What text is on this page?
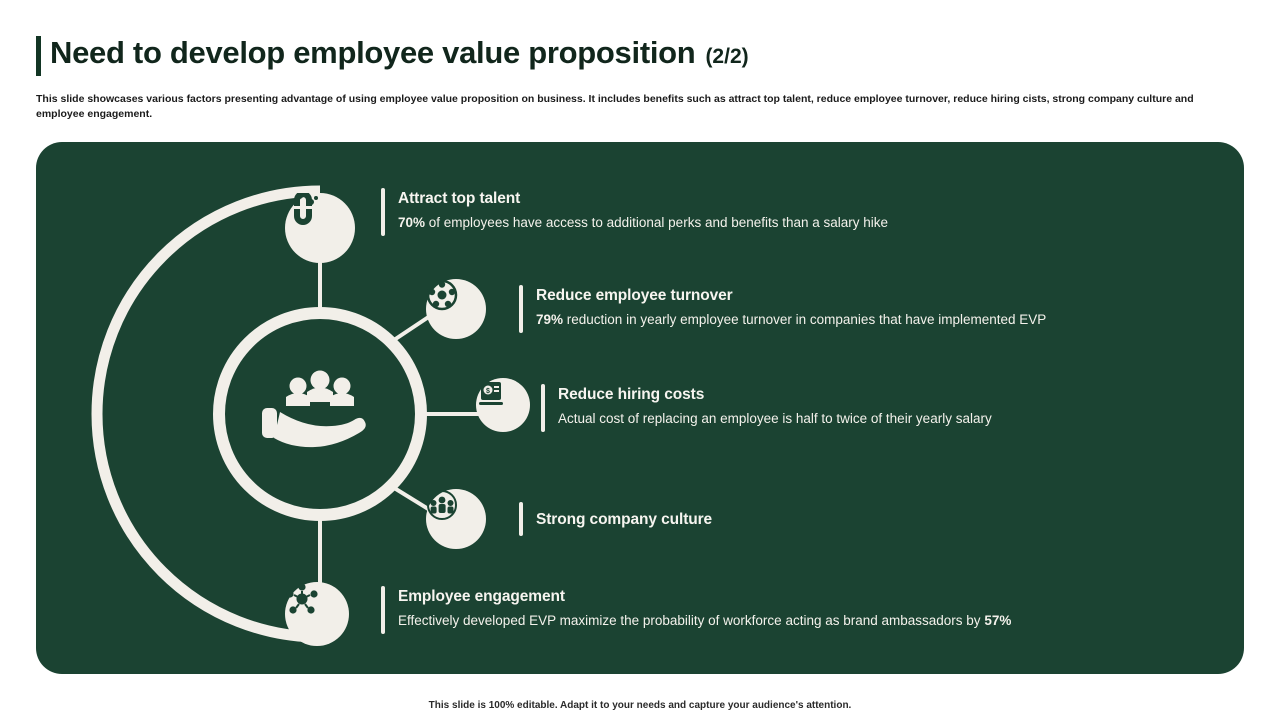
Need to develop employee value proposition (2/2)
This slide showcases various factors presenting advantage of using employee value proposition on business. It includes benefits such as attract top talent, reduce employee turnover, reduce hiring cists, strong company culture and employee engagement.
$
Attract top talent
70% of employees have access to additional perks and benefits than a salary hike
Reduce employee turnover
79% reduction in yearly employee turnover in companies that have implemented EVP
Reduce hiring costs
Actual cost of replacing an employee is half to twice of their yearly salary
Strong company culture
Employee engagement
Effectively developed EVP maximize the probability of workforce acting as brand ambassadors by 57%
This slide is 100% editable. Adapt it to your needs and capture your audience's attention.
